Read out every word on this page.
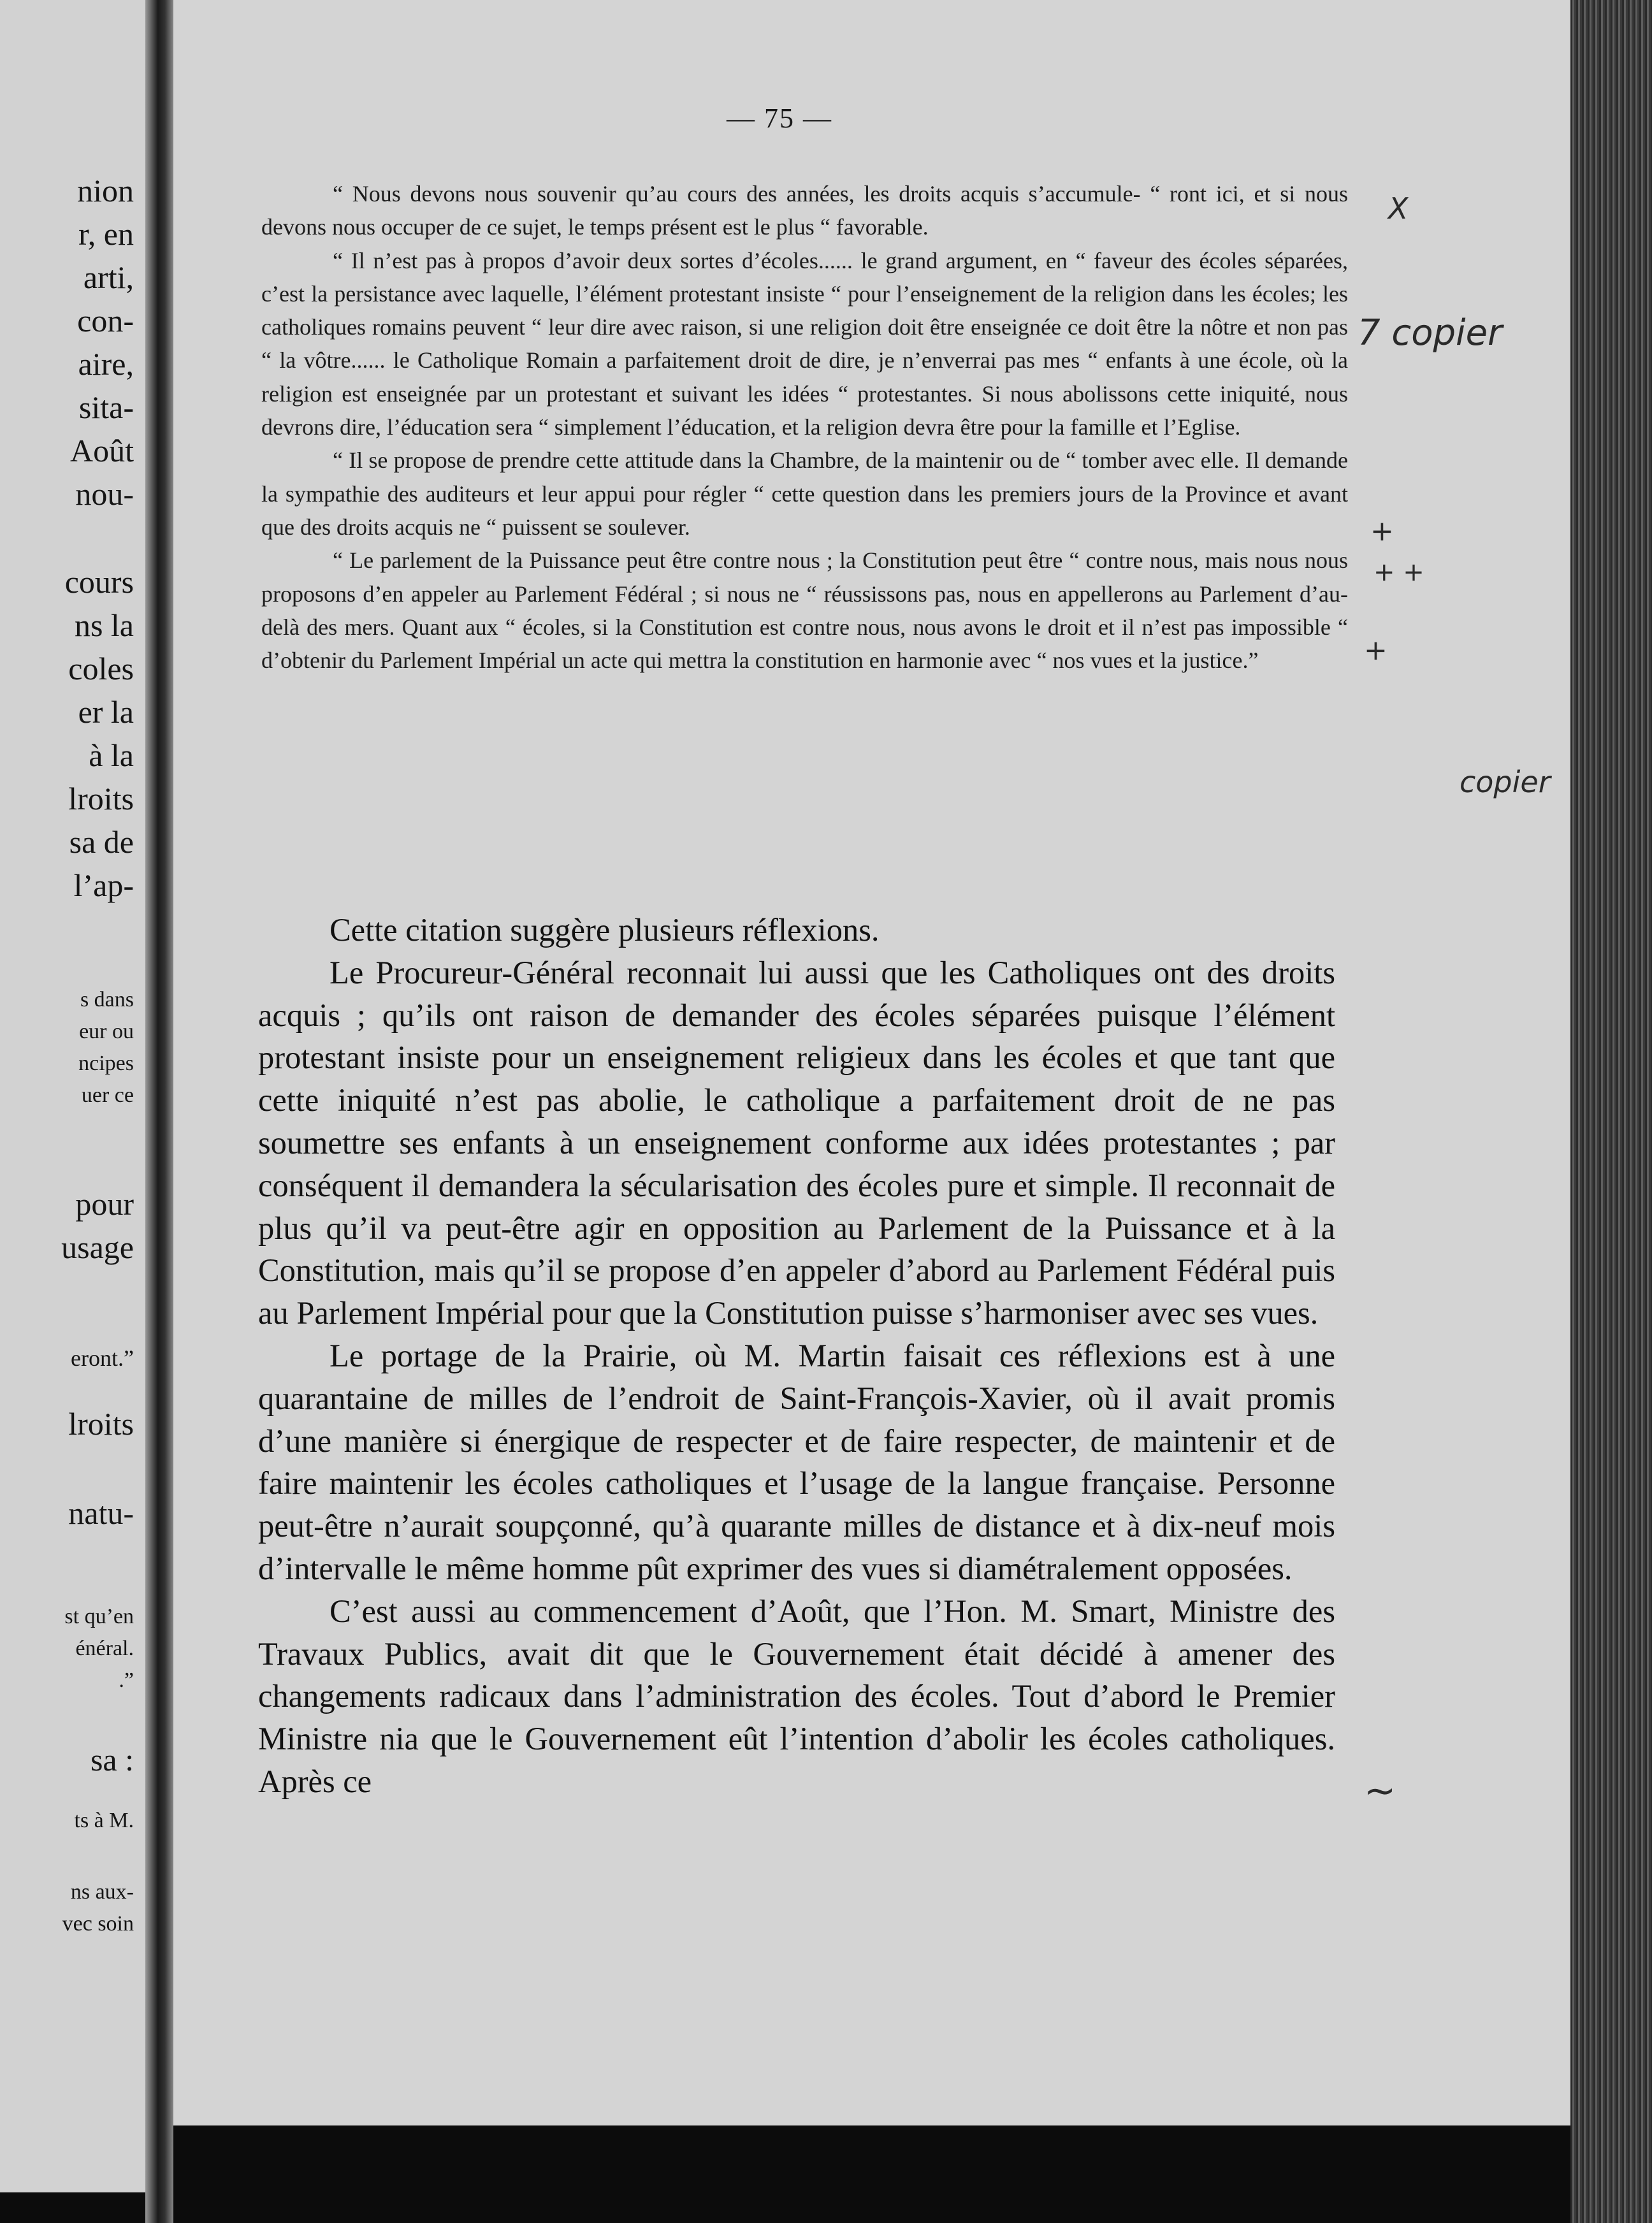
nion
r, en
arti,
con-
aire,
sita-
Août
nou-
cours
ns la
coles
er la
à la
lroits
sa de
l’ap-
s dans
eur ou
ncipes
uer ce
pour
usage
eront.”
lroits
natu-
st qu’en
énéral.
.”
sa :
ts à M.
ns aux-
vec soin
— 75 —

“ Nous devons nous souvenir qu’au cours des années, les droits acquis s’accumule- “ ront ici, et si nous devons nous occuper de ce sujet, le temps présent est le plus “ favorable.

“ Il n’est pas à propos d’avoir deux sortes d’écoles...... le grand argument, en “ faveur des écoles séparées, c’est la persistance avec laquelle, l’élément protestant insiste “ pour l’enseignement de la religion dans les écoles; les catholiques romains peuvent “ leur dire avec raison, si une religion doit être enseignée ce doit être la nôtre et non pas “ la vôtre...... le Catholique Romain a parfaitement droit de dire, je n’enverrai pas mes “ enfants à une école, où la religion est enseignée par un protestant et suivant les idées “ protestantes. Si nous abolissons cette iniquité, nous devrons dire, l’éducation sera “ simplement l’éducation, et la religion devra être pour la famille et l’Eglise.

“ Il se propose de prendre cette attitude dans la Chambre, de la maintenir ou de “ tomber avec elle. Il demande la sympathie des auditeurs et leur appui pour régler “ cette question dans les premiers jours de la Province et avant que des droits acquis ne “ puissent se soulever.

“ Le parlement de la Puissance peut être contre nous ; la Constitution peut être “ contre nous, mais nous nous proposons d’en appeler au Parlement Fédéral ; si nous ne “ réussissons pas, nous en appellerons au Parlement d’au-delà des mers. Quant aux “ écoles, si la Constitution est contre nous, nous avons le droit et il n’est pas impossible “ d’obtenir du Parlement Impérial un acte qui mettra la constitution en harmonie avec “ nos vues et la justice.”

Cette citation suggère plusieurs réflexions.

Le Procureur-Général reconnait lui aussi que les Catholiques ont des droits acquis ; qu’ils ont raison de demander des écoles séparées puisque l’élément protestant insiste pour un enseignement religieux dans les écoles et que tant que cette iniquité n’est pas abolie, le catholique a parfaitement droit de ne pas soumettre ses enfants à un enseignement conforme aux idées protestantes ; par conséquent il demandera la sécularisation des écoles pure et simple. Il reconnait de plus qu’il va peut-être agir en opposition au Parlement de la Puissance et à la Constitution, mais qu’il se propose d’en appeler d’abord au Parlement Fédéral puis au Parlement Impérial pour que la Constitution puisse s’harmoniser avec ses vues.

Le portage de la Prairie, où M. Martin faisait ces réflexions est à une quarantaine de milles de l’endroit de Saint-François-Xavier, où il avait promis d’une manière si énergique de respecter et de faire respecter, de maintenir et de faire maintenir les écoles catholiques et l’usage de la langue française. Personne peut-être n’aurait soupçonné, qu’à quarante milles de distance et à dix-neuf mois d’intervalle le même homme pût exprimer des vues si diamétralement opposées.

C’est aussi au commencement d’Août, que l’Hon. M. Smart, Ministre des Travaux Publics, avait dit que le Gouvernement était décidé à amener des changements radicaux dans l’administration des écoles. Tout d’abord le Premier Ministre nia que le Gouvernement eût l’intention d’abolir les écoles catholiques. Après ce

X
7 copier
+
+ +
+
copier
∼
